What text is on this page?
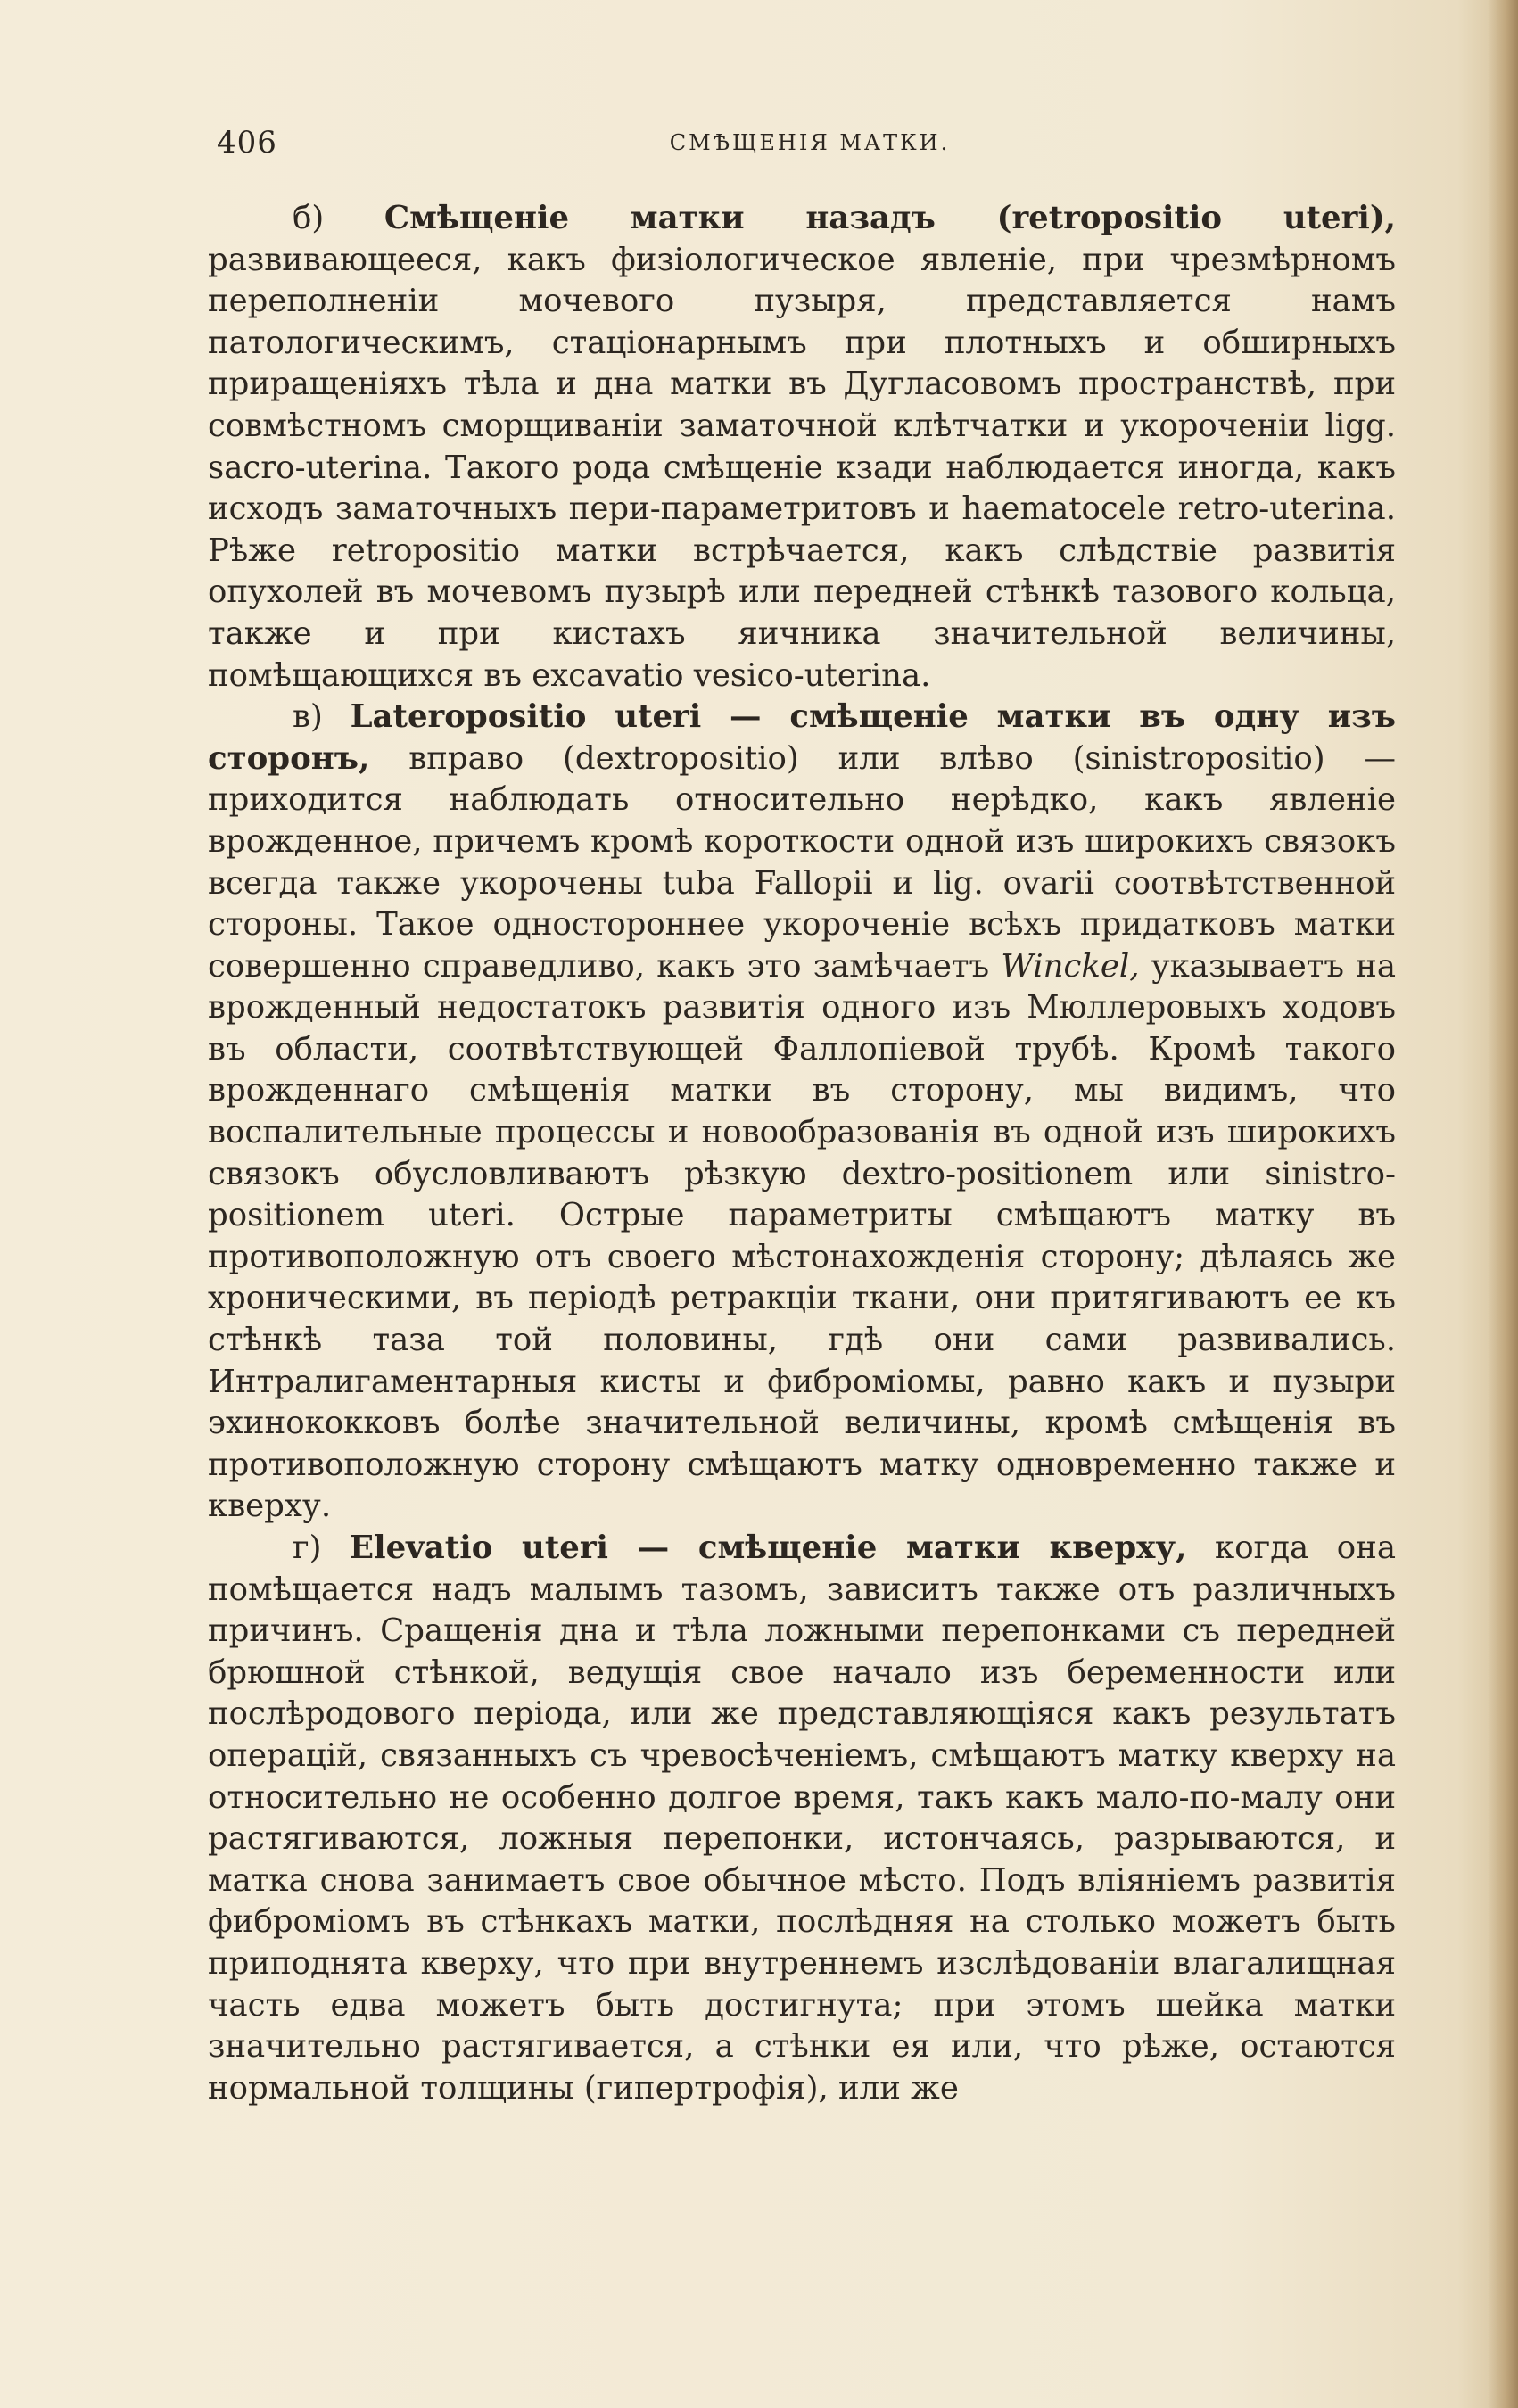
406	СМѢЩЕНІЯ МАТКИ.

б) Смѣщеніе матки назадъ (retropositio uteri), развивающееся, какъ физіологическое явленіе, при чрезмѣрномъ переполненіи мочевого пузыря, представляется намъ патологическимъ, стаціонарнымъ при плотныхъ и обширныхъ приращеніяхъ тѣла и дна матки въ Дугласовомъ пространствѣ, при совмѣстномъ сморщиваніи заматочной клѣтчатки и укороченіи ligg. sacro-uterina. Такого рода смѣщеніе кзади наблюдается иногда, какъ исходъ заматочныхъ пери-параметритовъ и haematocele retro-uterina. Рѣже retropositio матки встрѣчается, какъ слѣдствіе развитія опухолей въ мочевомъ пузырѣ или передней стѣнкѣ тазового кольца, также и при кистахъ яичника значительной величины, помѣщающихся въ excavatio vesico-uterina.

в) Lateropositio uteri — смѣщеніе матки въ одну изъ сторонъ, вправо (dextropositio) или влѣво (sinistropositio) — приходится наблюдать относительно нерѣдко, какъ явленіе врожденное, причемъ кромѣ короткости одной изъ широкихъ связокъ всегда также укорочены tuba Fallopii и lig. ovarii соотвѣтственной стороны. Такое одностороннее укороченіе всѣхъ придатковъ матки совершенно справедливо, какъ это замѣчаетъ Winckel, указываетъ на врожденный недостатокъ развитія одного изъ Мюллеровыхъ ходовъ въ области, соотвѣтствующей Фаллопіевой трубѣ. Кромѣ такого врожденнаго смѣщенія матки въ сторону, мы видимъ, что воспалительные процессы и новообразованія въ одной изъ широкихъ связокъ обусловливаютъ рѣзкую dextro-positionem или sinistro-positionem uteri. Острые параметриты смѣщаютъ матку въ противоположную отъ своего мѣстонахожденія сторону; дѣлаясь же хроническими, въ періодѣ ретракціи ткани, они притягиваютъ ее къ стѣнкѣ таза той половины, гдѣ они сами развивались. Интралигаментарныя кисты и фиброміомы, равно какъ и пузыри эхинококковъ болѣе значительной величины, кромѣ смѣщенія въ противоположную сторону смѣщаютъ матку одновременно также и кверху.

г) Elevatio uteri — смѣщеніе матки кверху, когда она помѣщается надъ малымъ тазомъ, зависитъ также отъ различныхъ причинъ. Сращенія дна и тѣла ложными перепонками съ передней брюшной стѣнкой, ведущія свое начало изъ беременности или послѣродового періода, или же представляющіяся какъ результатъ операцій, связанныхъ съ чревосѣченіемъ, смѣщаютъ матку кверху на относительно не особенно долгое время, такъ какъ мало-по-малу они растягиваются, ложныя перепонки, истончаясь, разрываются, и матка снова занимаетъ свое обычное мѣсто. Подъ вліяніемъ развитія фиброміомъ въ стѣнкахъ матки, послѣдняя на столько можетъ быть приподнята кверху, что при внутреннемъ изслѣдованіи влагалищная часть едва можетъ быть достигнута; при этомъ шейка матки значительно растягивается, а стѣнки ея или, что рѣже, остаются нормальной толщины (гипертрофія), или же
